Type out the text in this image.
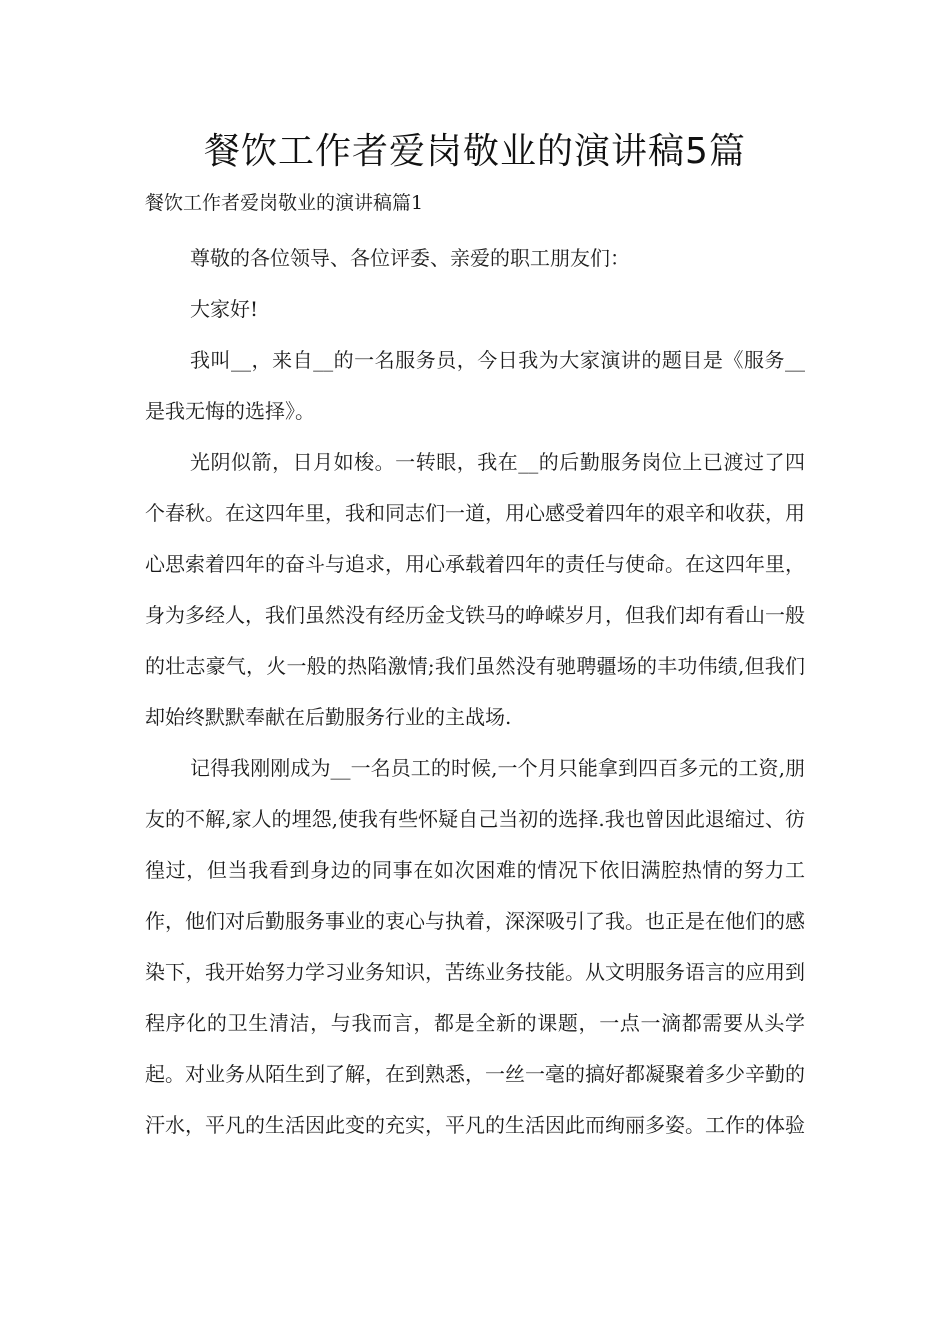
餐饮工作者爱岗敬业的演讲稿5篇

餐饮工作者爱岗敬业的演讲稿篇1

尊敬的各位领导、各位评委、亲爱的职工朋友们：

大家好!

我叫__，来自__的一名服务员，今日我为大家演讲的题目是《服务__是我无悔的选择》。

光阴似箭，日月如梭。一转眼，我在__的后勤服务岗位上已渡过了四个春秋。在这四年里，我和同志们一道，用心感受着四年的艰辛和收获，用心思索着四年的奋斗与追求，用心承载着四年的责任与使命。在这四年里，身为多经人，我们虽然没有经历金戈铁马的峥嵘岁月，但我们却有看山一般的壮志豪气，火一般的热陷激情;我们虽然没有驰聘疆场的丰功伟绩,但我们却始终默默奉献在后勤服务行业的主战场.

记得我刚刚成为__一名员工的时候,一个月只能拿到四百多元的工资,朋友的不解,家人的埋怨,使我有些怀疑自己当初的选择.我也曾因此退缩过、彷徨过，但当我看到身边的同事在如次困难的情况下依旧满腔热情的努力工作，他们对后勤服务事业的衷心与执着，深深吸引了我。也正是在他们的感染下，我开始努力学习业务知识，苦练业务技能。从文明服务语言的应用到程序化的卫生清洁，与我而言，都是全新的课题，一点一滴都需要从头学起。对业务从陌生到了解，在到熟悉，一丝一毫的搞好都凝聚着多少辛勤的汗水，平凡的生活因此变的充实，平凡的生活因此而绚丽多姿。工作的体验
